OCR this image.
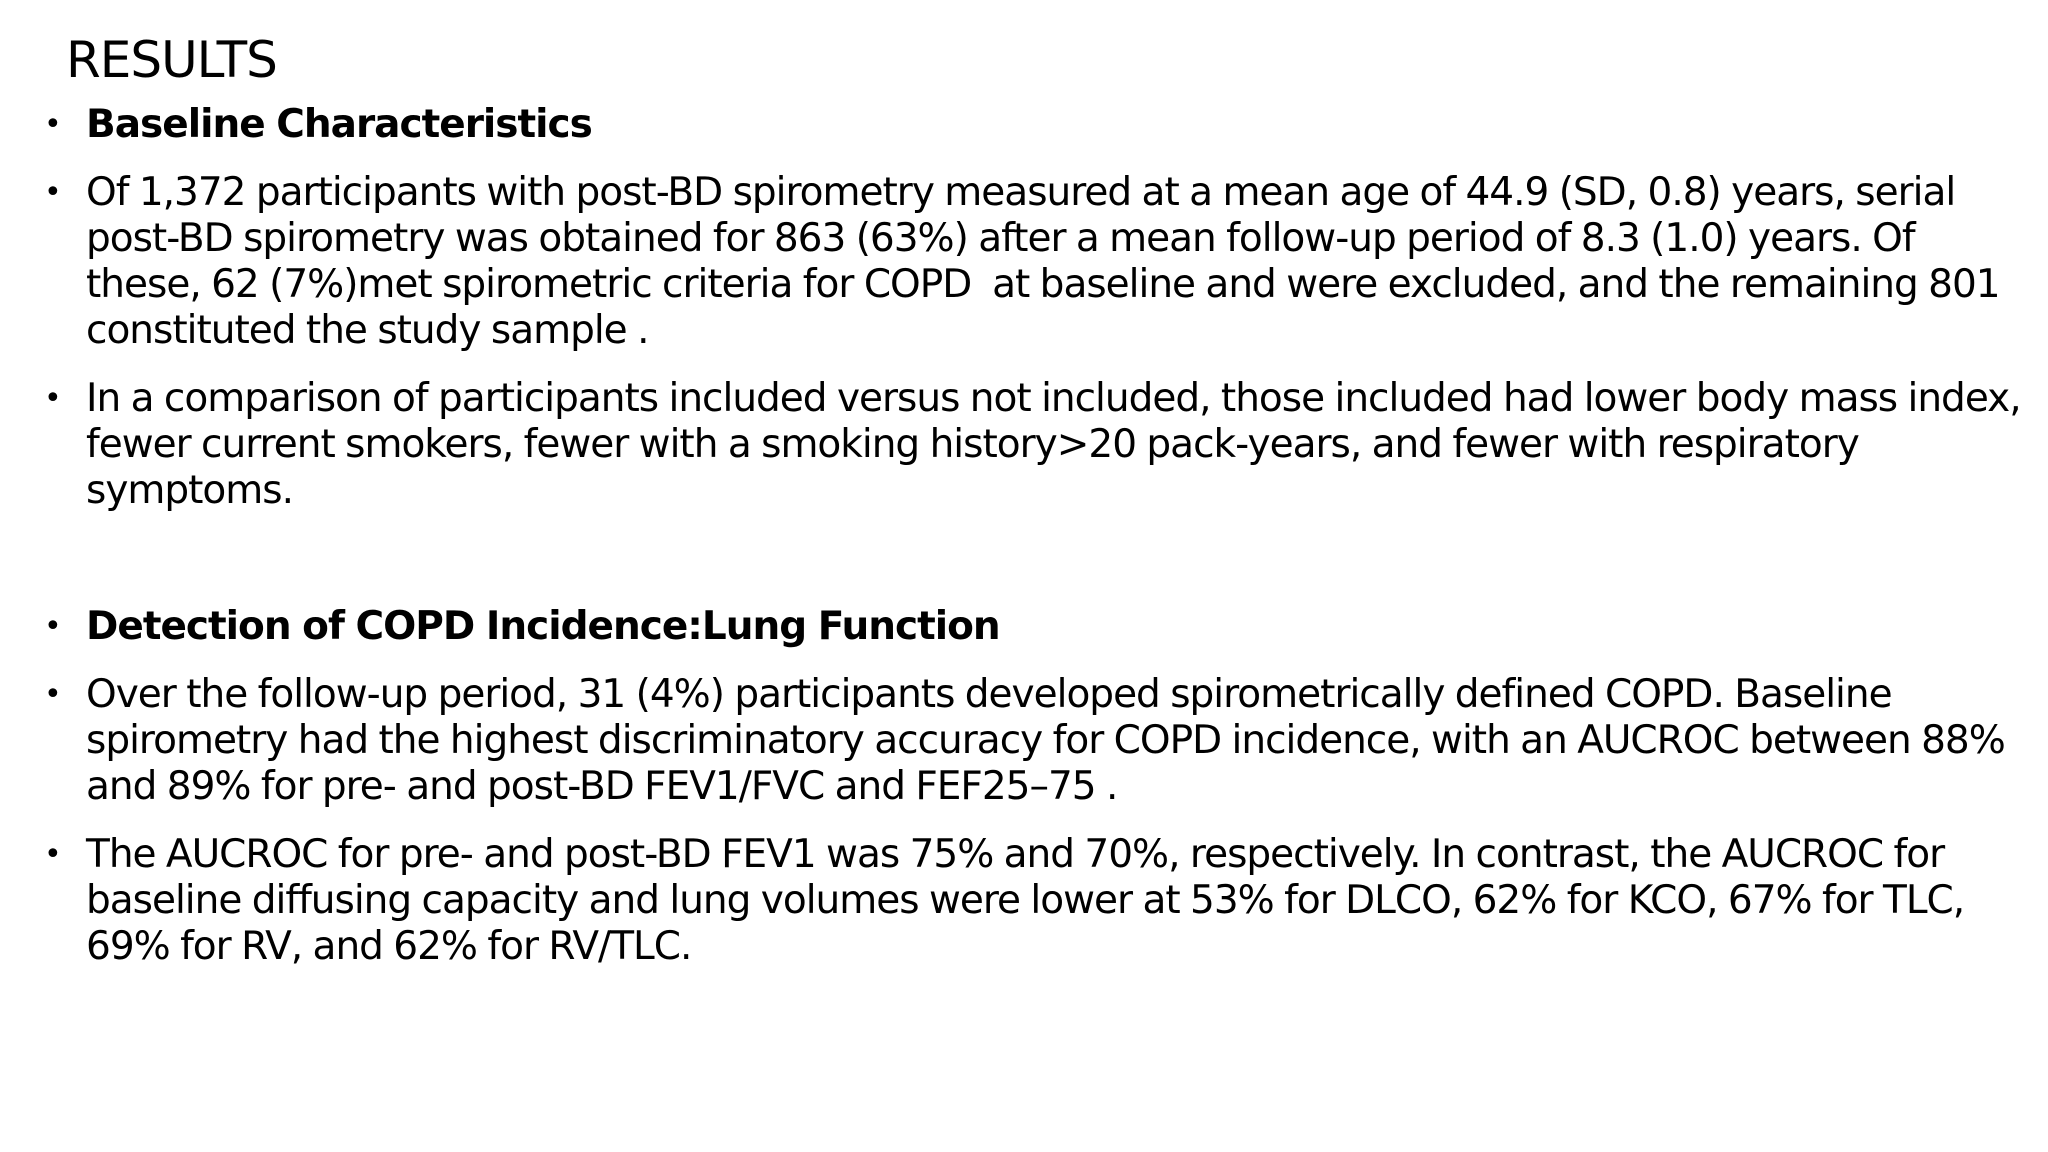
RESULTS
• Baseline Characteristics
• Of 1,372 participants with post-BD spirometry measured at a mean age of 44.9 (SD, 0.8) years, serial post-BD spirometry was obtained for 863 (63%) after a mean follow-up period of 8.3 (1.0) years. Of these, 62 (7%)met spirometric criteria for COPD  at baseline and were excluded, and the remaining 801 constituted the study sample .
• In a comparison of participants included versus not included, those included had lower body mass index, fewer current smokers, fewer with a smoking history>20 pack-years, and fewer with respiratory symptoms.
• Detection of COPD Incidence:Lung Function
• Over the follow-up period, 31 (4%) participants developed spirometrically defined COPD. Baseline spirometry had the highest discriminatory accuracy for COPD incidence, with an AUCROC between 88% and 89% for pre- and post-BD FEV1/FVC and FEF25–75 .
• The AUCROC for pre- and post-BD FEV1 was 75% and 70%, respectively. In contrast, the AUCROC for baseline diffusing capacity and lung volumes were lower at 53% for DLCO, 62% for KCO, 67% for TLC, 69% for RV, and 62% for RV/TLC.
